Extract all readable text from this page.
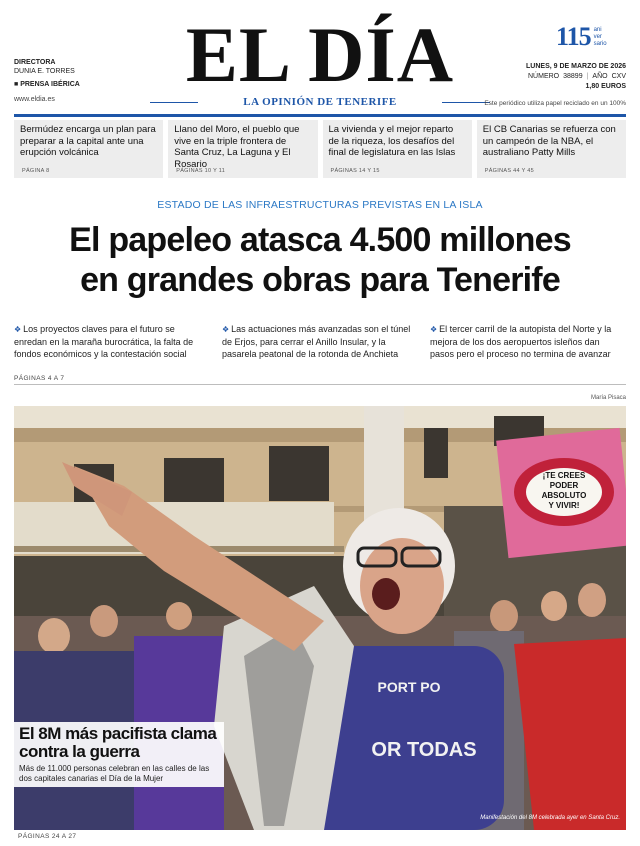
DIRECTORA
DUNIA E. TORRES
■ PRENSA IBÉRICA
www.eldia.es
EL DÍA
LA OPINIÓN DE TENERIFE
115 ani
ver
sario
LUNES, 9 DE MARZO DE 2026
NÚMERO 38899 | AÑO CXV
1,80 EUROS
Este periódico utiliza papel reciclado en un 100%
Bermúdez encarga un plan para preparar a la capital ante una erupción volcánica
PÁGINA 8
Llano del Moro, el pueblo que vive en la triple frontera de Santa Cruz, La Laguna y El Rosario
PÁGINAS 10 Y 11
La vivienda y el mejor reparto de la riqueza, los desafíos del final de legislatura en las Islas
PÁGINAS 14 Y 15
El CB Canarias se refuerza con un campeón de la NBA, el australiano Patty Mills
PÁGINAS 44 Y 45
ESTADO DE LAS INFRAESTRUCTURAS PREVISTAS EN LA ISLA
El papeleo atasca 4.500 millones
en grandes obras para Tenerife
❖ Los proyectos claves para el futuro se enredan en la maraña burocrática, la falta de fondos económicos y la contestación social
❖ Las actuaciones más avanzadas son el túnel de Erjos, para cerrar el Anillo Insular, y la pasarela peatonal de la rotonda de Anchieta
❖ El tercer carril de la autopista del Norte y la mejora de los dos aeropuertos isleños dan pasos pero el proceso no termina de avanzar
PÁGINAS 4 A 7
María Pisaca
¡TE CREES
PODER
ABSOLUTO
Y VIVIR!
PORT PO
OR TODAS
El 8M más pacifista clama contra la guerra
Más de 11.000 personas celebran en las calles de las dos capitales canarias el Día de la Mujer
Manifestación del 8M celebrada ayer en Santa Cruz.
PÁGINAS 24 A 27
